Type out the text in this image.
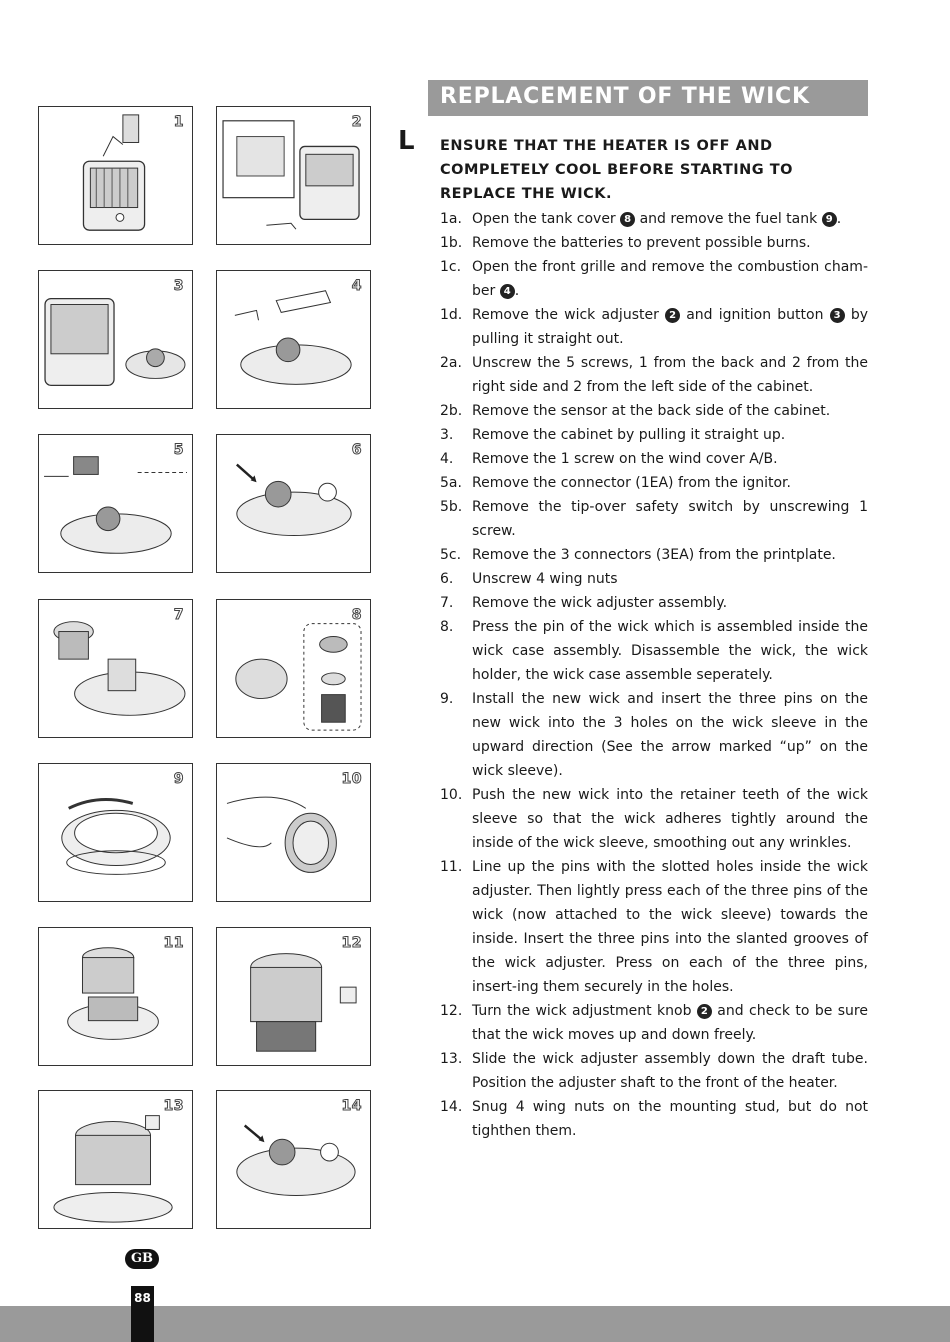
1	2
3	4
5	6
7	8
9	10
11	12
13	14
REPLACEMENT OF THE WICK
L ENSURE THAT THE HEATER IS OFF AND COMPLETELY COOL BEFORE STARTING TO REPLACE THE WICK.
1a. Open the tank cover 8 and remove the fuel tank 9 .
1b. Remove the batteries to prevent possible burns.
1c. Open the front grille and remove the combustion cham-ber 4 .
1d. Remove the wick adjuster 2 and ignition button 3 by pulling it straight out.
2a. Unscrew the 5 screws, 1 from the back and 2 from the right side and 2 from the left side of the cabinet.
2b. Remove the sensor at the back side of the cabinet.
3.	Remove the cabinet by pulling it straight up.
4.	Remove the 1 screw on the wind cover A/B.
5a. Remove the connector (1EA) from the ignitor.
5b. Remove the tip-over safety switch by unscrewing 1 screw.
5c. Remove the 3 connectors (3EA) from the printplate.
6.	Unscrew 4 wing nuts
7.	Remove the wick adjuster assembly.
8.	Press the pin of the wick which is assembled inside the wick case assembly. Disassemble the wick, the wick holder, the wick case assemble seperately.
9.	Install the new wick and insert the three pins on the new wick into the 3 holes on the wick sleeve in the upward direction (See the arrow marked “up” on the wick sleeve).
10. Push the new wick into the retainer teeth of the wick sleeve so that the wick adheres tightly around the inside of the wick sleeve, smoothing out any wrinkles.
11. Line up the pins with the slotted holes inside the wick adjuster. Then lightly press each of the three pins of the wick (now attached to the wick sleeve) towards the inside. Insert the three pins into the slanted grooves of the wick adjuster. Press on each of the three pins, insert-ing them securely in the holes.
12. Turn the wick adjustment knob 2 and check to be sure that the wick moves up and down freely.
13. Slide the wick adjuster assembly down the draft tube. Position the adjuster shaft to the front of the heater.
14. Snug 4 wing nuts on the mounting stud, but do not tighthen them.
GB
88
